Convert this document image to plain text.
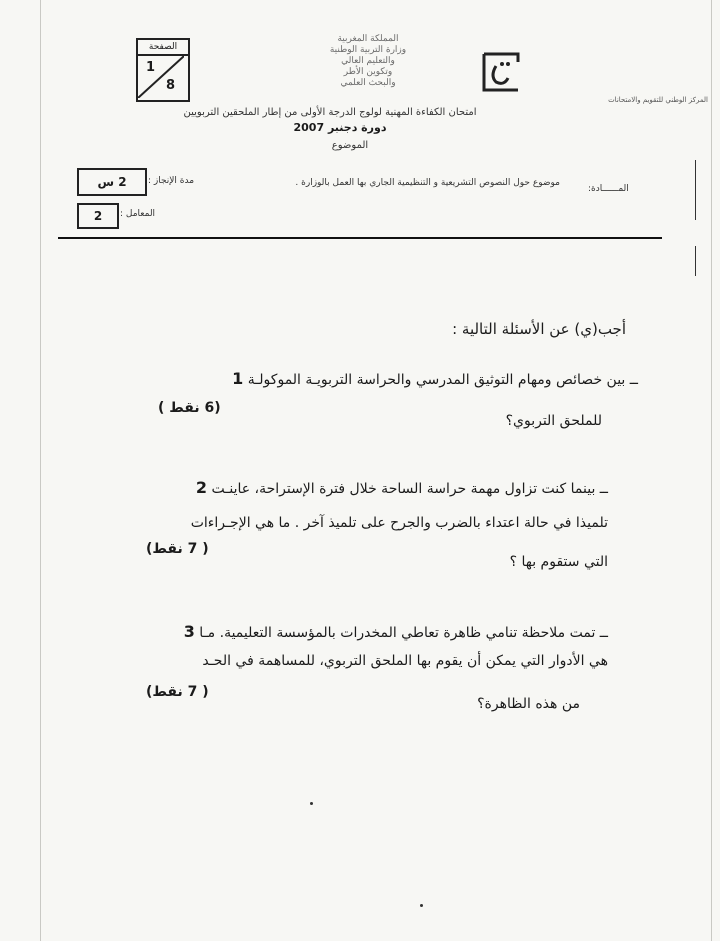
الصفحة
1
8
المملكة المغربية
وزارة التربية الوطنية
والتعليم العالي
وتكوين الأطر
والبحث العلمي
المركز الوطني للتقويم والامتحانات
امتحان الكفاءة المهنية لولوج الدرجة الأولى من إطار الملحقين التربويين
دورة دجنبر 2007
الموضوع
2 س	مدة الإنجاز :
2	المعامل :
موضوع حول النصوص التشريعية و التنظيمية الجاري بها العمل بالوزارة .
المــــــادة:
أجب(ي) عن الأسئلة التالية :
ــ بين خصائص ومهام التوثيق المدرسي والحراسة التربويـة الموكولـة 1
للملحق التربوي؟
(6 نقط )
ــ بينما كنت تزاول مهمة حراسة الساحة خلال فترة الإستراحة، عاينـت 2
تلميذا في حالة اعتداء بالضرب والجرح على تلميذ آخر . ما هي الإجـراءات
التي ستقوم بها ؟
( 7 نقط)
ــ تمت ملاحظة تنامي ظاهرة تعاطي المخدرات بالمؤسسة التعليمية. مـا 3
هي الأدوار التي يمكن أن يقوم بها الملحق التربوي، للمساهمة في الحـد
من هذه الظاهرة؟
( 7 نقط)
